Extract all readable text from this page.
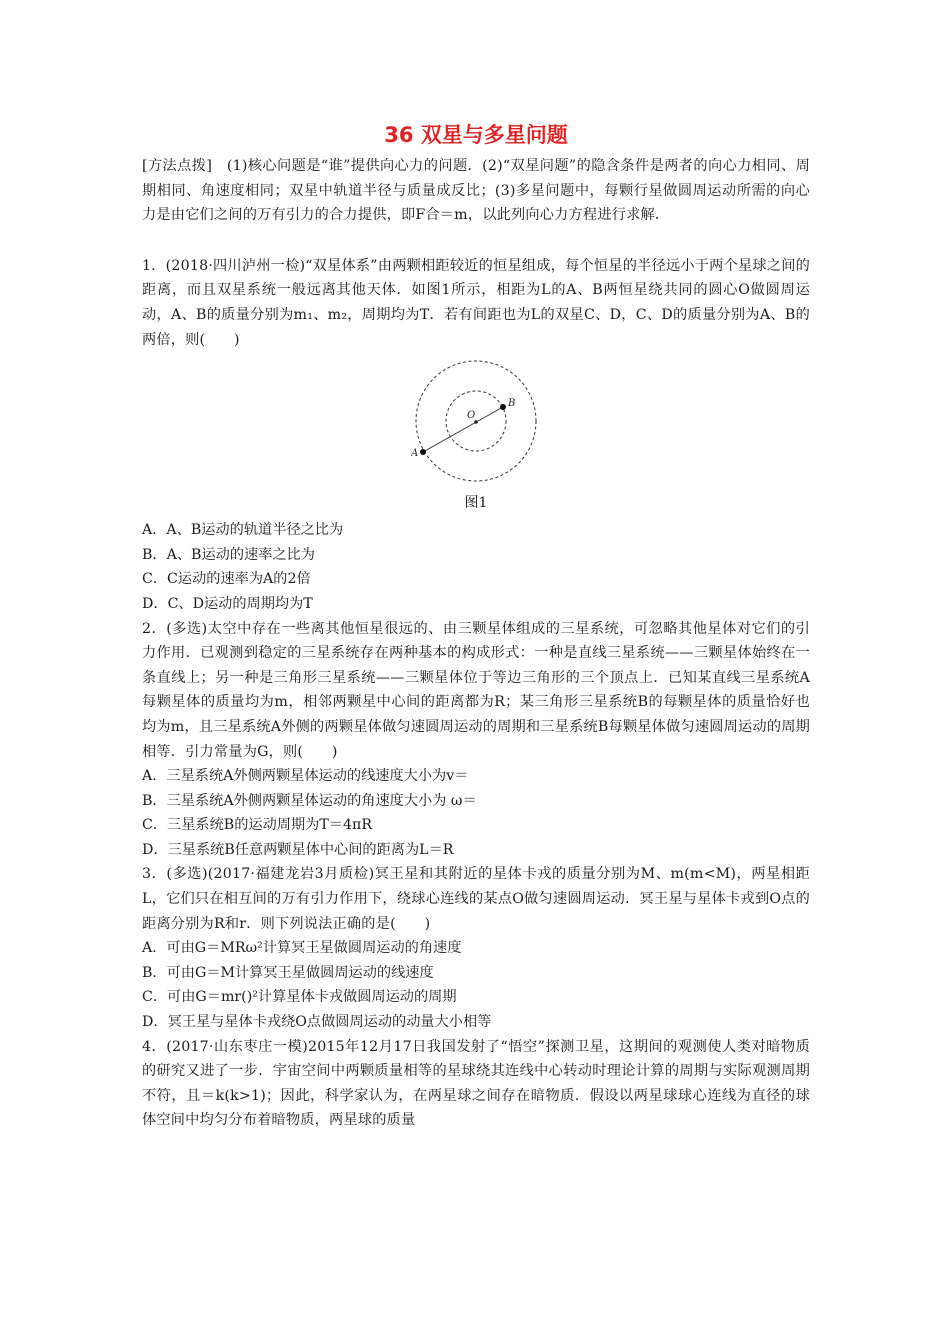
36 双星与多星问题

[方法点拨]　(1)核心问题是“谁”提供向心力的问题．(2)“双星问题”的隐含条件是两者的向心力相同、周期相同、角速度相同；双星中轨道半径与质量成反比；(3)多星问题中，每颗行星做圆周运动所需的向心力是由它们之间的万有引力的合力提供，即F合＝m，以此列向心力方程进行求解．

1．(2018·四川泸州一检)“双星体系”由两颗相距较近的恒星组成，每个恒星的半径远小于两个星球之间的距离，而且双星系统一般远离其他天体．如图1所示，相距为L的A、B两恒星绕共同的圆心O做圆周运动，A、B的质量分别为m₁、m₂，周期均为T．若有间距也为L的双星C、D，C、D的质量分别为A、B的两倍，则(　　)

O
A
B
图1

A．A、B运动的轨道半径之比为

B．A、B运动的速率之比为

C．C运动的速率为A的2倍

D．C、D运动的周期均为T

2．(多选)太空中存在一些离其他恒星很远的、由三颗星体组成的三星系统，可忽略其他星体对它们的引力作用．已观测到稳定的三星系统存在两种基本的构成形式：一种是直线三星系统——三颗星体始终在一条直线上；另一种是三角形三星系统——三颗星体位于等边三角形的三个顶点上．已知某直线三星系统A每颗星体的质量均为m，相邻两颗星中心间的距离都为R；某三角形三星系统B的每颗星体的质量恰好也均为m，且三星系统A外侧的两颗星体做匀速圆周运动的周期和三星系统B每颗星体做匀速圆周运动的周期相等．引力常量为G，则(　　)

A．三星系统A外侧两颗星体运动的线速度大小为v＝

B．三星系统A外侧两颗星体运动的角速度大小为 ω＝

C．三星系统B的运动周期为T＝4πR

D．三星系统B任意两颗星体中心间的距离为L＝R

3．(多选)(2017·福建龙岩3月质检)冥王星和其附近的星体卡戎的质量分别为M、m(m<M)，两星相距L，它们只在相互间的万有引力作用下，绕球心连线的某点O做匀速圆周运动．冥王星与星体卡戎到O点的距离分别为R和r．则下列说法正确的是(　　)

A．可由G＝MRω²计算冥王星做圆周运动的角速度

B．可由G＝M计算冥王星做圆周运动的线速度

C．可由G＝mr()²计算星体卡戎做圆周运动的周期

D．冥王星与星体卡戎绕O点做圆周运动的动量大小相等

4．(2017·山东枣庄一模)2015年12月17日我国发射了“悟空”探测卫星，这期间的观测使人类对暗物质的研究又进了一步．宇宙空间中两颗质量相等的星球绕其连线中心转动时理论计算的周期与实际观测周期不符，且＝k(k>1)；因此，科学家认为，在两星球之间存在暗物质．假设以两星球球心连线为直径的球体空间中均匀分布着暗物质，两星球的质量
